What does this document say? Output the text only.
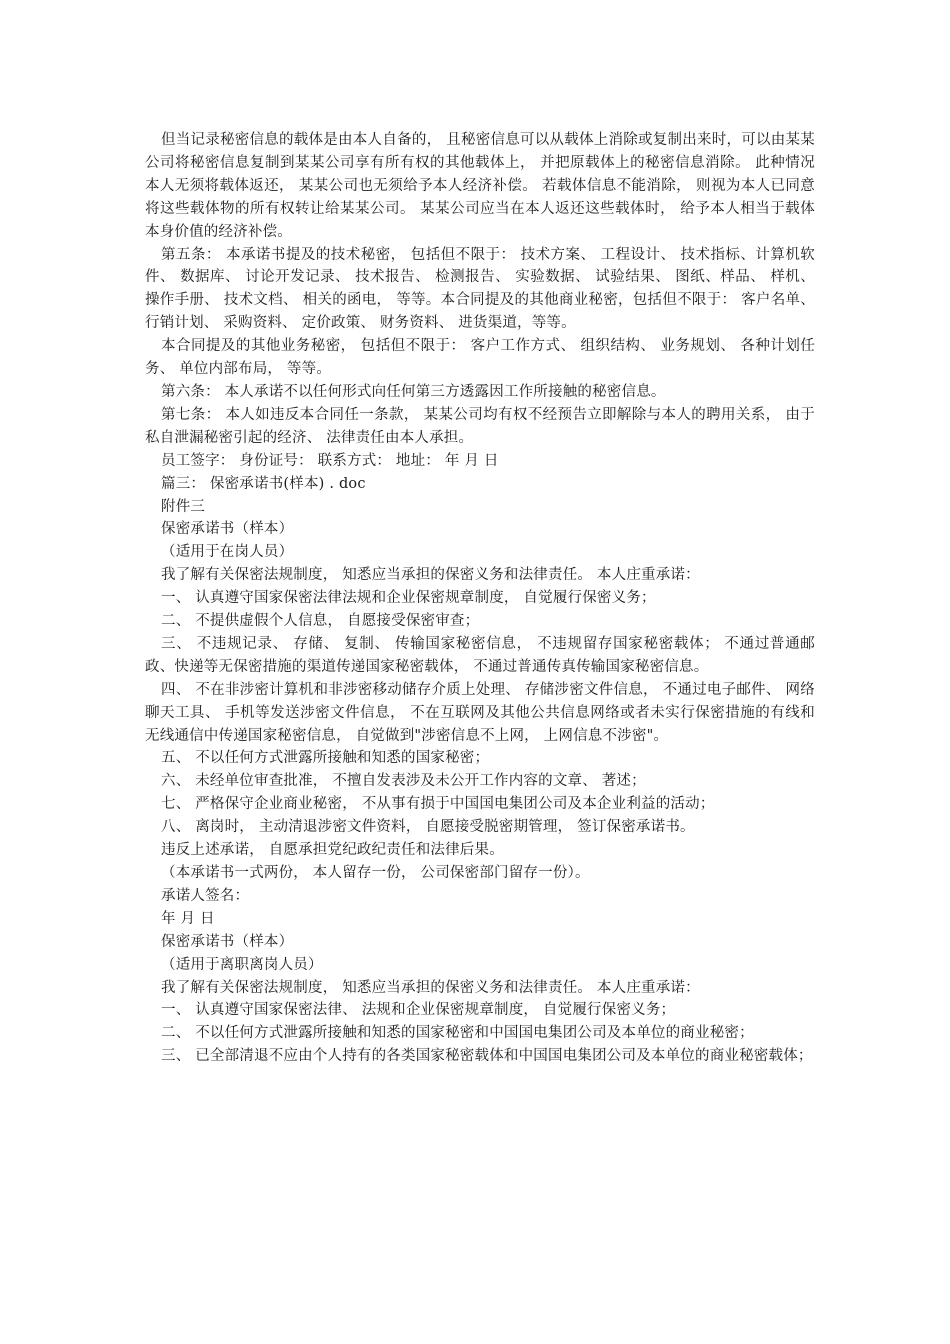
但当记录秘密信息的载体是由本人自备的， 且秘密信息可以从载体上消除或复制出来时，可以由某某公司将秘密信息复制到某某公司享有所有权的其他载体上， 并把原载体上的秘密信息消除。 此种情况本人无须将载体返还， 某某公司也无须给予本人经济补偿。 若载体信息不能消除， 则视为本人已同意将这些载体物的所有权转让给某某公司。 某某公司应当在本人返还这些载体时， 给予本人相当于载体本身价值的经济补偿。

第五条： 本承诺书提及的技术秘密， 包括但不限于： 技术方案、 工程设计、 技术指标、计算机软件、 数据库、 讨论开发记录、 技术报告、 检测报告、 实验数据、 试验结果、 图纸、样品、 样机、 操作手册、 技术文档、 相关的函电， 等等。本合同提及的其他商业秘密，包括但不限于： 客户名单、 行销计划、 采购资料、 定价政策、 财务资料、 进货渠道，等等。

本合同提及的其他业务秘密， 包括但不限于： 客户工作方式、 组织结构、 业务规划、 各种计划任务、 单位内部布局， 等等。

第六条： 本人承诺不以任何形式向任何第三方透露因工作所接触的秘密信息。

第七条： 本人如违反本合同任一条款， 某某公司均有权不经预告立即解除与本人的聘用关系， 由于私自泄漏秘密引起的经济、 法律责任由本人承担。

员工签字： 身份证号： 联系方式： 地址： 年 月 日

篇三： 保密承诺书(样本) . doc

附件三

保密承诺书（样本）

（适用于在岗人员）

我了解有关保密法规制度， 知悉应当承担的保密义务和法律责任。 本人庄重承诺：

一、 认真遵守国家保密法律法规和企业保密规章制度， 自觉履行保密义务；

二、 不提供虚假个人信息， 自愿接受保密审查；

三、 不违规记录、 存储、 复制、 传输国家秘密信息， 不违规留存国家秘密载体； 不通过普通邮政、快递等无保密措施的渠道传递国家秘密载体， 不通过普通传真传输国家秘密信息。

四、 不在非涉密计算机和非涉密移动储存介质上处理、 存储涉密文件信息， 不通过电子邮件、 网络聊天工具、 手机等发送涉密文件信息， 不在互联网及其他公共信息网络或者未实行保密措施的有线和无线通信中传递国家秘密信息， 自觉做到"涉密信息不上网， 上网信息不涉密"。

五、 不以任何方式泄露所接触和知悉的国家秘密；

六、 未经单位审查批准， 不擅自发表涉及未公开工作内容的文章、 著述；

七、 严格保守企业商业秘密， 不从事有损于中国国电集团公司及本企业利益的活动；

八、 离岗时， 主动清退涉密文件资料， 自愿接受脱密期管理， 签订保密承诺书。

违反上述承诺， 自愿承担党纪政纪责任和法律后果。

（本承诺书一式两份， 本人留存一份， 公司保密部门留存一份）。

承诺人签名：

年 月 日

保密承诺书（样本）

（适用于离职离岗人员）

我了解有关保密法规制度， 知悉应当承担的保密义务和法律责任。 本人庄重承诺：

一、 认真遵守国家保密法律、 法规和企业保密规章制度， 自觉履行保密义务；

二、 不以任何方式泄露所接触和知悉的国家秘密和中国国电集团公司及本单位的商业秘密；

三、 已全部清退不应由个人持有的各类国家秘密载体和中国国电集团公司及本单位的商业秘密载体；
